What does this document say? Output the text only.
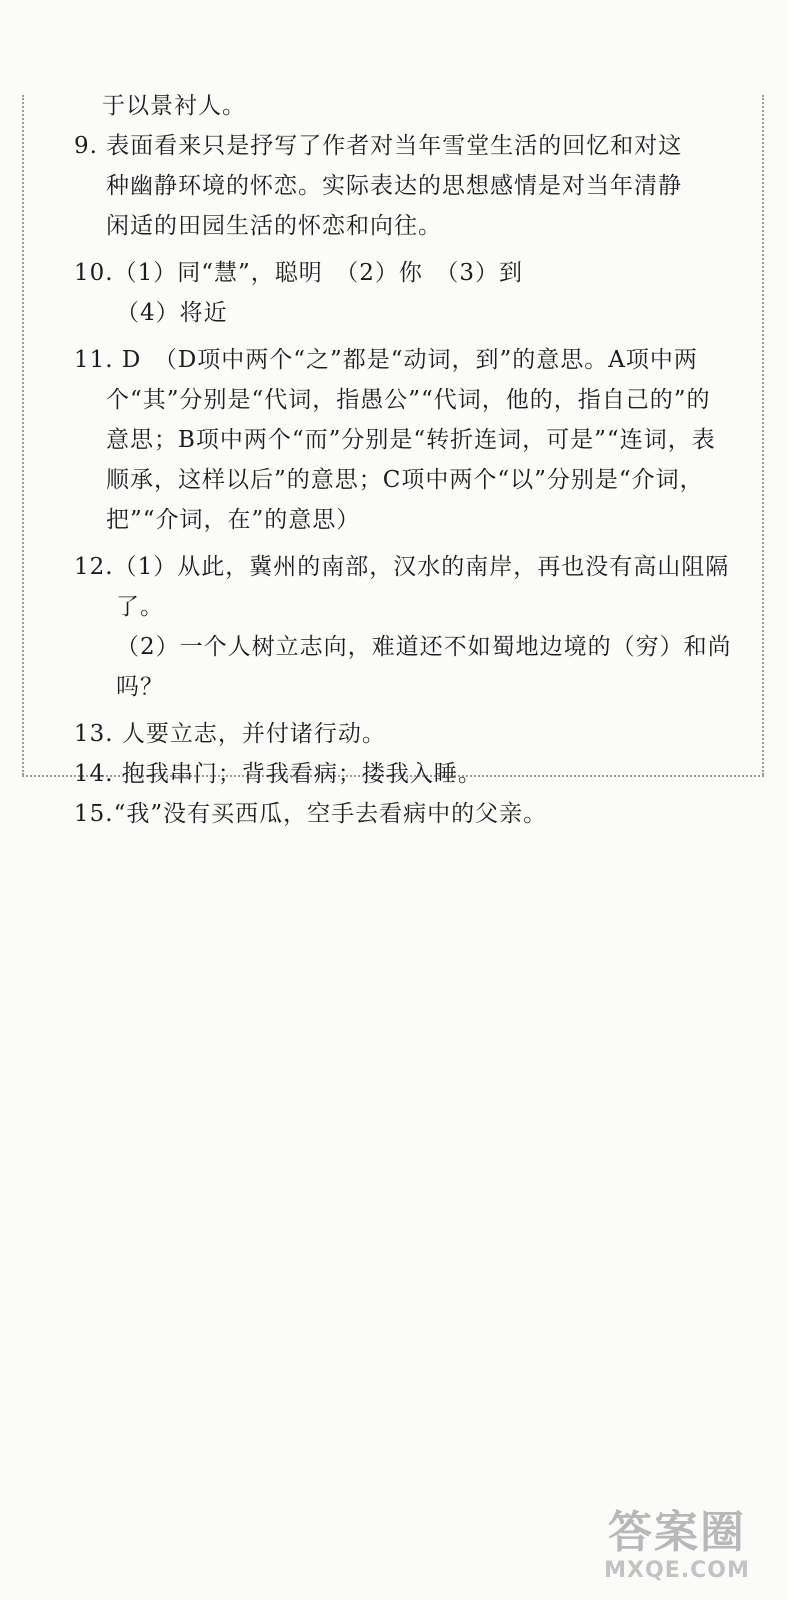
于以景衬人。
9. 表面看来只是抒写了作者对当年雪堂生活的回忆和对这
种幽静环境的怀恋。实际表达的思想感情是对当年清静
闲适的田园生活的怀恋和向往。
10.（1）同“慧”，聪明　（2）你　（3）到
（4）将近
11. D　（D项中两个“之”都是“动词，到”的意思。A项中两
个“其”分别是“代词，指愚公”“代词，他的，指自己的”的
意思；B项中两个“而”分别是“转折连词，可是”“连词，表
顺承，这样以后”的意思；C项中两个“以”分别是“介词，
把”“介词，在”的意思）
12.（1）从此，冀州的南部，汉水的南岸，再也没有高山阻隔
了。
（2）一个人树立志向，难道还不如蜀地边境的（穷）和尚
吗？
13. 人要立志，并付诸行动。
14. 抱我串门；背我看病；搂我入睡。
15.“我”没有买西瓜，空手去看病中的父亲。
答案圈
MXQE.COM
